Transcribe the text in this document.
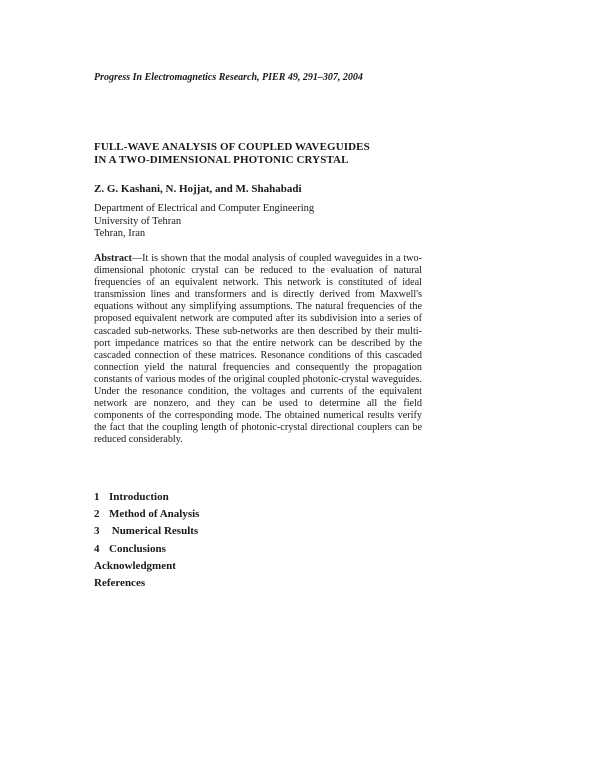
Progress In Electromagnetics Research, PIER 49, 291–307, 2004
FULL-WAVE ANALYSIS OF COUPLED WAVEGUIDES
IN A TWO-DIMENSIONAL PHOTONIC CRYSTAL
Z. G. Kashani, N. Hojjat, and M. Shahabadi
Department of Electrical and Computer Engineering
University of Tehran
Tehran, Iran
Abstract—It is shown that the modal analysis of coupled waveguides in a two-dimensional photonic crystal can be reduced to the evaluation of natural frequencies of an equivalent network. This network is constituted of ideal transmission lines and transformers and is directly derived from Maxwell's equations without any simplifying assumptions. The natural frequencies of the proposed equivalent network are computed after its subdivision into a series of cascaded sub-networks. These sub-networks are then described by their multi-port impedance matrices so that the entire network can be described by the cascaded connection of these matrices. Resonance conditions of this cascaded connection yield the natural frequencies and consequently the propagation constants of various modes of the original coupled photonic-crystal waveguides. Under the resonance condition, the voltages and currents of the equivalent network are nonzero, and they can be used to determine all the field components of the corresponding mode. The obtained numerical results verify the fact that the coupling length of photonic-crystal directional couplers can be reduced considerably.
1 Introduction
2 Method of Analysis
3 Numerical Results
4 Conclusions
Acknowledgment
References
